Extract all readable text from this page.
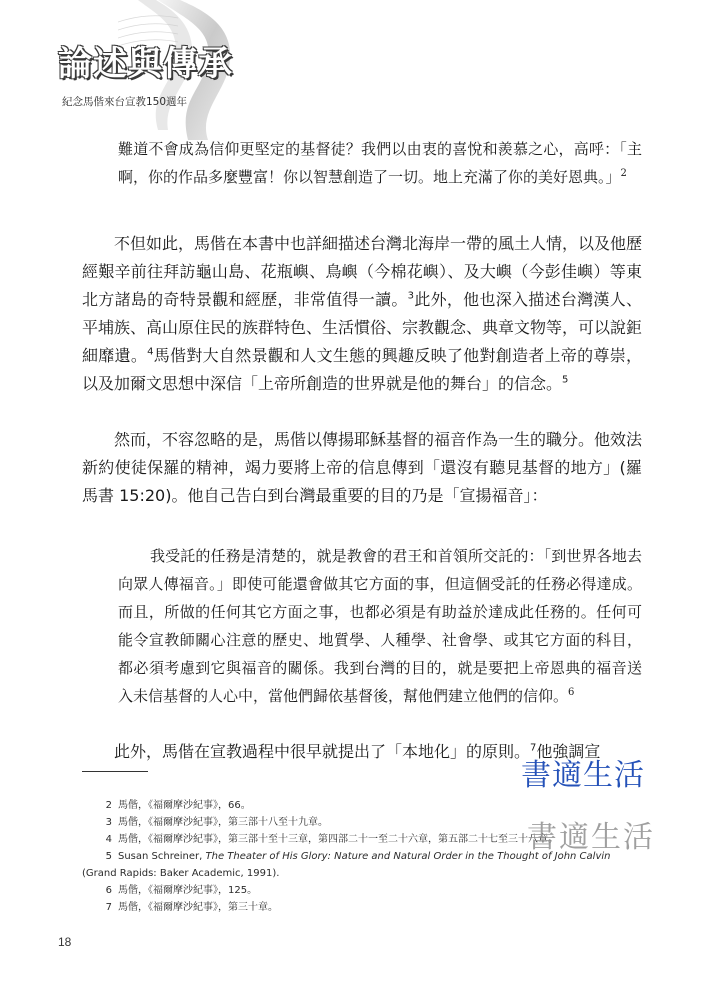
論述與傳承
紀念馬偕來台宣教150週年

難道不會成為信仰更堅定的基督徒？我們以由衷的喜悅和羨慕之心，高呼：「主啊，你的作品多麼豐富！你以智慧創造了一切。地上充滿了你的美好恩典。」$^2$

不但如此，馬偕在本書中也詳細描述台灣北海岸一帶的風土人情，以及他歷經艱辛前往拜訪龜山島、花瓶嶼、鳥嶼（今棉花嶼）、及大嶼（今彭佳嶼）等東北方諸島的奇特景觀和經歷，非常值得一讀。$^3$此外，他也深入描述台灣漢人、平埔族、高山原住民的族群特色、生活慣俗、宗教觀念、典章文物等，可以說鉅細靡遺。$^4$馬偕對大自然景觀和人文生態的興趣反映了他對創造者上帝的尊崇，以及加爾文思想中深信「上帝所創造的世界就是他的舞台」的信念。$^5$

然而，不容忽略的是，馬偕以傳揚耶穌基督的福音作為一生的職分。他效法新約使徒保羅的精神，竭力要將上帝的信息傳到「還沒有聽見基督的地方」(羅馬書 15:20)。他自己告白到台灣最重要的目的乃是「宣揚福音」：

我受託的任務是清楚的，就是教會的君王和首領所交託的：「到世界各地去向眾人傳福音。」即使可能還會做其它方面的事，但這個受託的任務必得達成。而且，所做的任何其它方面之事，也都必須是有助益於達成此任務的。任何可能令宣教師關心注意的歷史、地質學、人種學、社會學、或其它方面的科目，都必須考慮到它與福音的關係。我到台灣的目的，就是要把上帝恩典的福音送入未信基督的人心中，當他們歸依基督後，幫他們建立他們的信仰。$^6$

此外，馬偕在宣教過程中很早就提出了「本地化」的原則。$^7$他強調宣

2 馬偕，《福爾摩沙紀事》，66。
3 馬偕，《福爾摩沙紀事》，第三部十八至十九章。
4 馬偕，《福爾摩沙紀事》，第三部十至十三章，第四部二十一至二十六章，第五部二十七至三十八章。
5 Susan Schreiner, The Theater of His Glory: Nature and Natural Order in the Thought of John Calvin (Grand Rapids: Baker Academic, 1991).
6 馬偕，《福爾摩沙紀事》，125。
7 馬偕，《福爾摩沙紀事》，第三十章。
18
書適生活
書適生活
